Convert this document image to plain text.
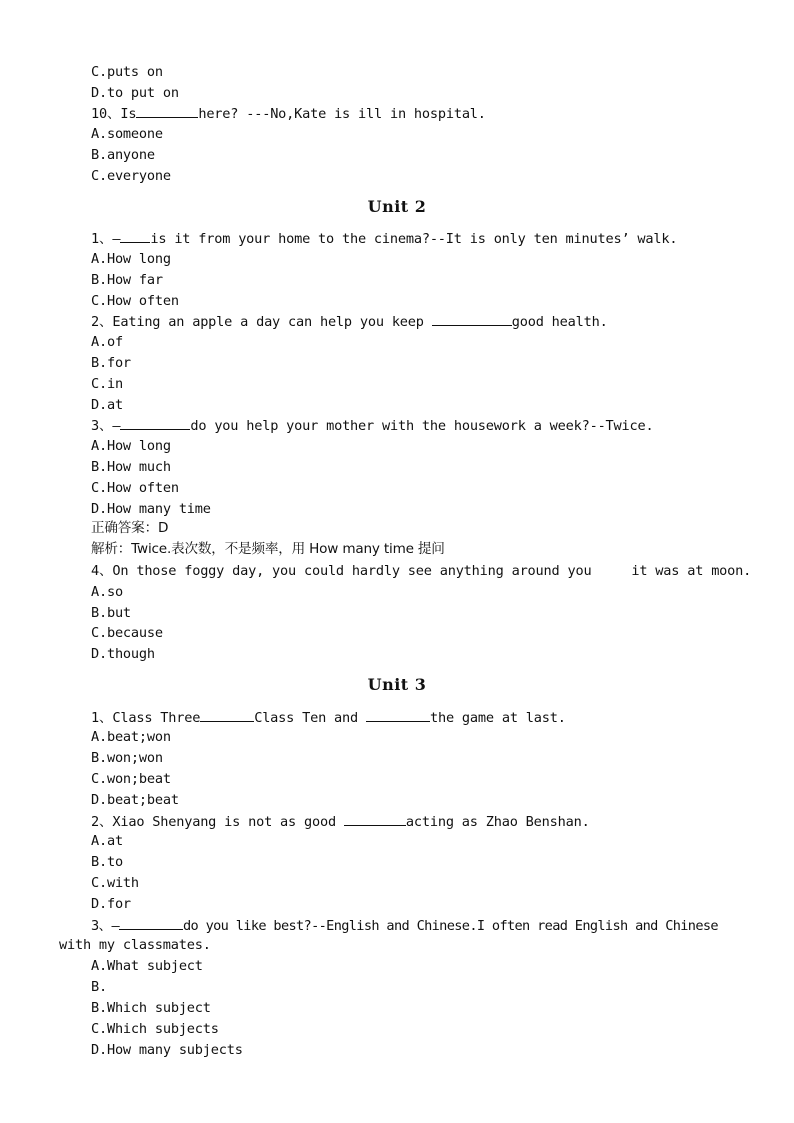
C.puts on
D.to put on
10、Is	here? ---No,Kate is ill in hospital.
A.someone
B.anyone
C.everyone
Unit 2
1、— is it from your home to the cinema?--It is only ten minutes’ walk.
A.How long
B.How far
C.How often
2、Eating an apple a day can help you keep	good health.
A.of
B.for
C.in
D.at
3、—	do you help your mother with the housework a week?--Twice.
A.How long
B.How much
C.How often
D.How many time
正确答案：D
解析：Twice.表次数，不是频率，用 How many time 提问
4、On those foggy day, you could hardly see anything around you     it was at moon.
A.so
B.but
C.because
D.though
Unit 3
1、Class Three	Class Ten and	the game at last.
A.beat;won
B.won;won
C.won;beat
D.beat;beat
2、Xiao Shenyang is not as good	acting as Zhao Benshan.
A.at
B.to
C.with
D.for
3、—	do you like best?--English and Chinese.I often read English and Chinese
with my classmates.
A.What subject
B.
B.Which subject
C.Which subjects
D.How many subjects
